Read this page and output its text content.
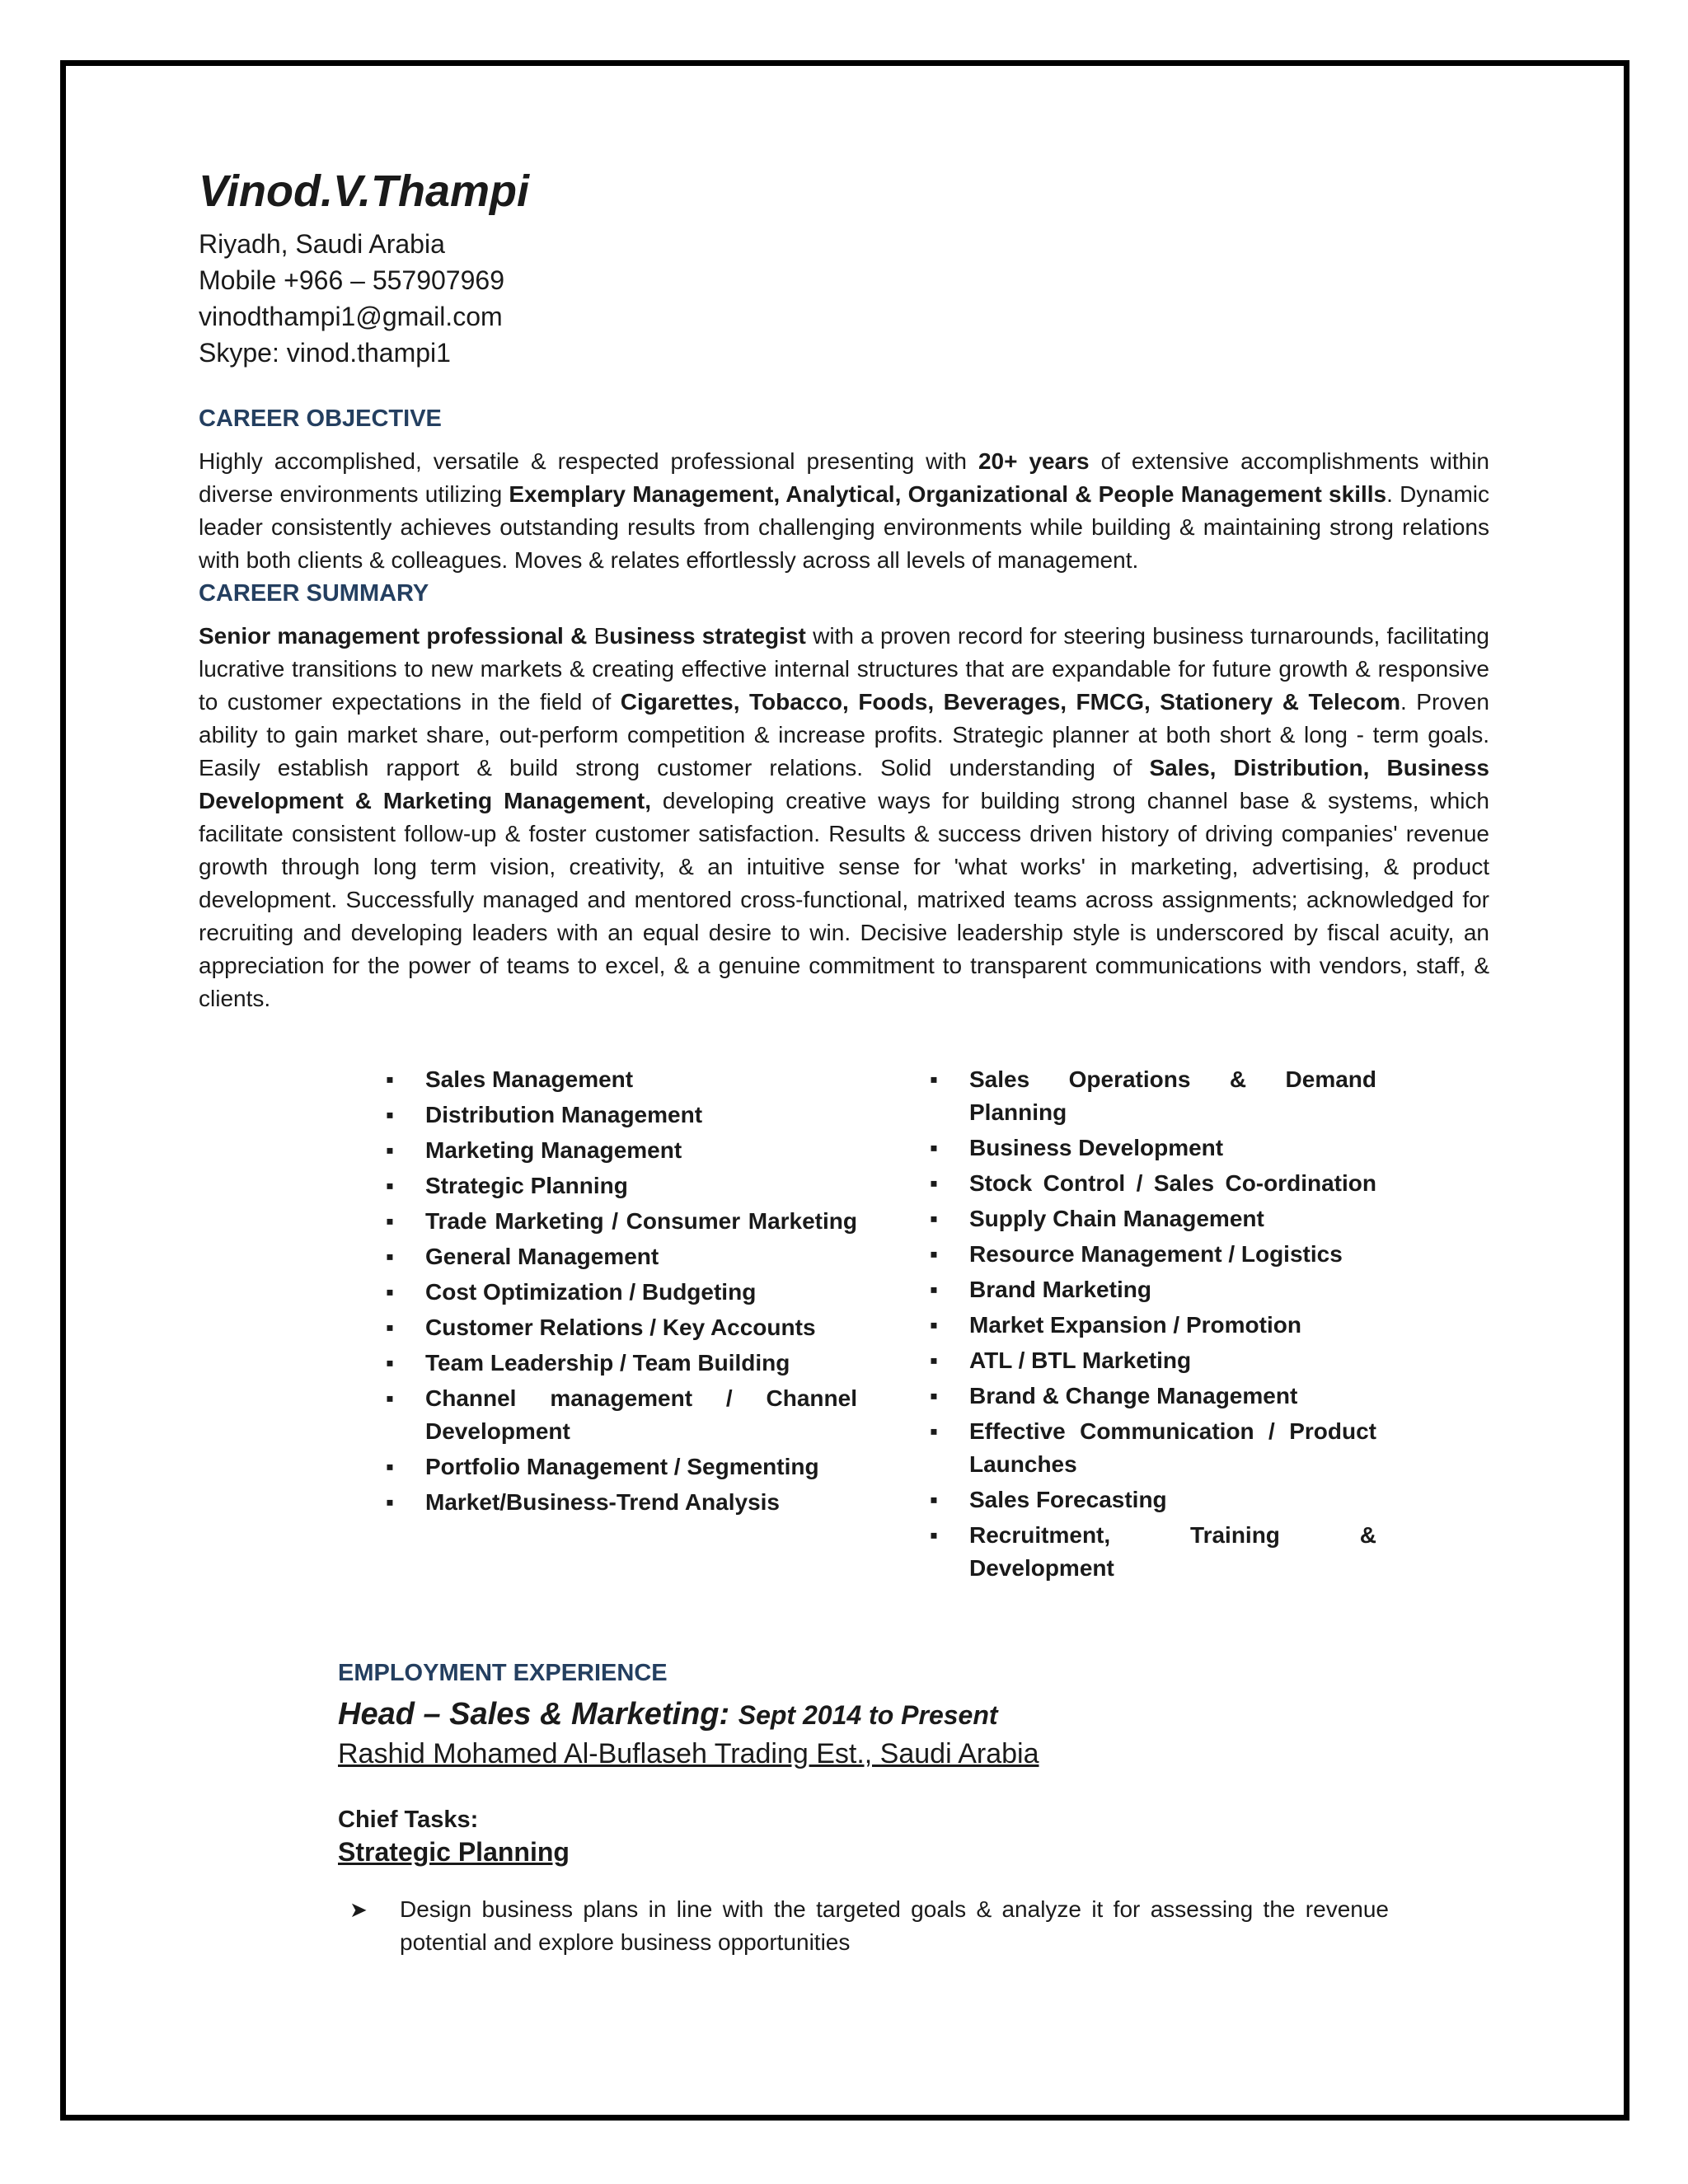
Vinod.V.Thampi
Riyadh, Saudi Arabia
Mobile +966 – 557907969
vinodthampi1@gmail.com
Skype: vinod.thampi1
CAREER OBJECTIVE

Highly accomplished, versatile & respected professional presenting with 20+ years of extensive accomplishments within diverse environments utilizing Exemplary Management, Analytical, Organizational & People Management skills. Dynamic leader consistently achieves outstanding results from challenging environments while building & maintaining strong relations with both clients & colleagues. Moves & relates effortlessly across all levels of management.

CAREER SUMMARY

Senior management professional & Business strategist with a proven record for steering business turnarounds, facilitating lucrative transitions to new markets & creating effective internal structures that are expandable for future growth & responsive to customer expectations in the field of Cigarettes, Tobacco, Foods, Beverages, FMCG, Stationery & Telecom. Proven ability to gain market share, out-perform competition & increase profits. Strategic planner at both short & long - term goals. Easily establish rapport & build strong customer relations. Solid understanding of Sales, Distribution, Business Development & Marketing Management, developing creative ways for building strong channel base & systems, which facilitate consistent follow-up & foster customer satisfaction. Results & success driven history of driving companies' revenue growth through long term vision, creativity, & an intuitive sense for 'what works' in marketing, advertising, & product development. Successfully managed and mentored cross-functional, matrixed teams across assignments; acknowledged for recruiting and developing leaders with an equal desire to win. Decisive leadership style is underscored by fiscal acuity, an appreciation for the power of teams to excel, & a genuine commitment to transparent communications with vendors, staff, & clients.

▪ Sales Management
▪ Distribution Management
▪ Marketing Management
▪ Strategic Planning
▪ Trade Marketing / Consumer Marketing
▪ General Management
▪ Cost Optimization / Budgeting
▪ Customer Relations / Key Accounts
▪ Team Leadership / Team Building
▪ Channel management / Channel Development
▪ Portfolio Management / Segmenting
▪ Market/Business-Trend Analysis
▪ Sales Operations & Demand Planning
▪ Business Development
▪ Stock Control / Sales Co-ordination
▪ Supply Chain Management
▪ Resource Management / Logistics
▪ Brand Marketing
▪ Market Expansion / Promotion
▪ ATL / BTL Marketing
▪ Brand & Change Management
▪ Effective Communication / Product Launches
▪ Sales Forecasting
▪ Recruitment, Training & Development
EMPLOYMENT EXPERIENCE
Head – Sales & Marketing: Sept 2014 to Present
Rashid Mohamed Al-Buflaseh Trading Est., Saudi Arabia
Chief Tasks:
Strategic Planning
➤ Design business plans in line with the targeted goals & analyze it for assessing the revenue potential and explore business opportunities
